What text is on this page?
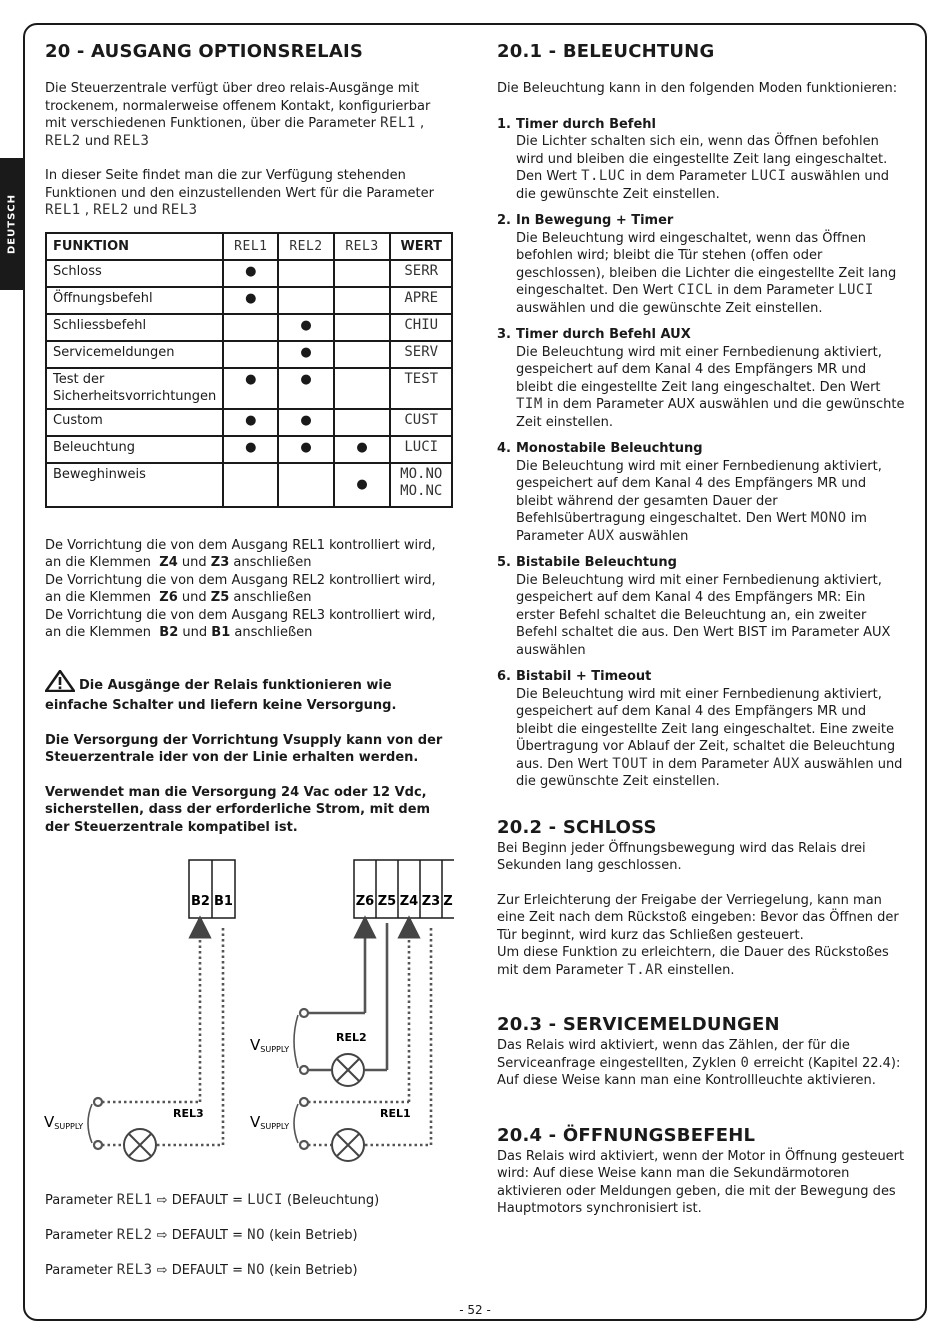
DEUTSCH
20 - AUSGANG OPTIONSRELAIS

Die Steuerzentrale verfügt über dreo relais-Ausgänge mit trockenem, normalerweise offenem Kontakt, konfigurierbar mit verschiedenen Funktionen, über die Parameter REL1 , REL2 und REL3

In dieser Seite findet man die zur Verfügung stehenden Funktionen und den einzustellenden Wert für die Parameter REL1 , REL2 und REL3

FUNKTION	REL1	REL2	REL3	WERT
Schloss	●			SERR
Öffnungsbefehl	●			APRE
Schliessbefehl		●		CHIU
Servicemeldungen		●		SERV
Test der Sicherheitsvorrichtungen	●	●		TEST
Custom	●	●		CUST
Beleuchtung	●	●	●	LUCI
Beweghinweis			●	MO.NO
MO.NC

De Vorrichtung die von dem Ausgang REL1 kontrolliert wird, an die Klemmen Z4 und Z3 anschließen

De Vorrichtung die von dem Ausgang REL2 kontrolliert wird, an die Klemmen Z6 und Z5 anschließen

De Vorrichtung die von dem Ausgang REL3 kontrolliert wird, an die Klemmen B2 und B1 anschließen

Die Ausgänge der Relais funktionieren wie einfache Schalter und liefern keine Versorgung.

Die Versorgung der Vorrichtung Vsupply kann von der Steuerzentrale ider von der Linie erhalten werden.

Verwendet man die Versorgung 24 Vac oder 12 Vdc, sicherstellen, dass der erforderliche Strom, mit dem der Steuerzentrale kompatibel ist.

B2 B1	Z6 Z5 Z4 Z3 Z
REL3
VSUPPLY
REL2
VSUPPLY
REL1
VSUPPLY

Parameter REL1 ⇨ DEFAULT = LUCI (Beleuchtung)

Parameter REL2 ⇨ DEFAULT = NO (kein Betrieb)

Parameter REL3 ⇨ DEFAULT = NO (kein Betrieb)

20.1 - BELEUCHTUNG

Die Beleuchtung kann in den folgenden Moden funktionieren:

1. Timer durch Befehl
Die Lichter schalten sich ein, wenn das Öffnen befohlen wird und bleiben die eingestellte Zeit lang eingeschaltet. Den Wert T.LUC in dem Parameter LUCI auswählen und die gewünschte Zeit einstellen.
2. In Bewegung + Timer
Die Beleuchtung wird eingeschaltet, wenn das Öffnen befohlen wird; bleibt die Tür stehen (offen oder geschlossen), bleiben die Lichter die eingestellte Zeit lang eingeschaltet. Den Wert CICL in dem Parameter LUCI auswählen und die gewünschte Zeit einstellen.
3. Timer durch Befehl AUX
Die Beleuchtung wird mit einer Fernbedienung aktiviert, gespeichert auf dem Kanal 4 des Empfängers MR und bleibt die eingestellte Zeit lang eingeschaltet. Den Wert TIM in dem Parameter AUX auswählen und die gewünschte Zeit einstellen.
4. Monostabile Beleuchtung
Die Beleuchtung wird mit einer Fernbedienung aktiviert, gespeichert auf dem Kanal 4 des Empfängers MR und bleibt während der gesamten Dauer der Befehlsübertragung eingeschaltet. Den Wert MONO im Parameter AUX auswählen
5. Bistabile Beleuchtung
Die Beleuchtung wird mit einer Fernbedienung aktiviert, gespeichert auf dem Kanal 4 des Empfängers MR: Ein erster Befehl schaltet die Beleuchtung an, ein zweiter Befehl schaltet die aus. Den Wert BIST im Parameter AUX auswählen
6. Bistabil + Timeout
Die Beleuchtung wird mit einer Fernbedienung aktiviert, gespeichert auf dem Kanal 4 des Empfängers MR und bleibt die eingestellte Zeit lang eingeschaltet. Eine zweite Übertragung vor Ablauf der Zeit, schaltet die Beleuchtung aus. Den Wert TOUT in dem Parameter AUX auswählen und die gewünschte Zeit einstellen.
20.2 - SCHLOSS

Bei Beginn jeder Öffnungsbewegung wird das Relais drei Sekunden lang geschlossen.

Zur Erleichterung der Freigabe der Verriegelung, kann man eine Zeit nach dem Rückstoß eingeben: Bevor das Öffnen der Tür beginnt, wird kurz das Schließen gesteuert.

Um diese Funktion zu erleichtern, die Dauer des Rückstoßes mit dem Parameter T.AR einstellen.

20.3 - SERVICEMELDUNGEN

Das Relais wird aktiviert, wenn das Zählen, der für die Serviceanfrage eingestellten, Zyklen 0 erreicht (Kapitel 22.4): Auf diese Weise kann man eine Kontrollleuchte aktivieren.

20.4 - ÖFFNUNGSBEFEHL

Das Relais wird aktiviert, wenn der Motor in Öffnung gesteuert wird: Auf diese Weise kann man die Sekundärmotoren aktivieren oder Meldungen geben, die mit der Bewegung des Hauptmotors synchronisiert ist.

- 52 -
